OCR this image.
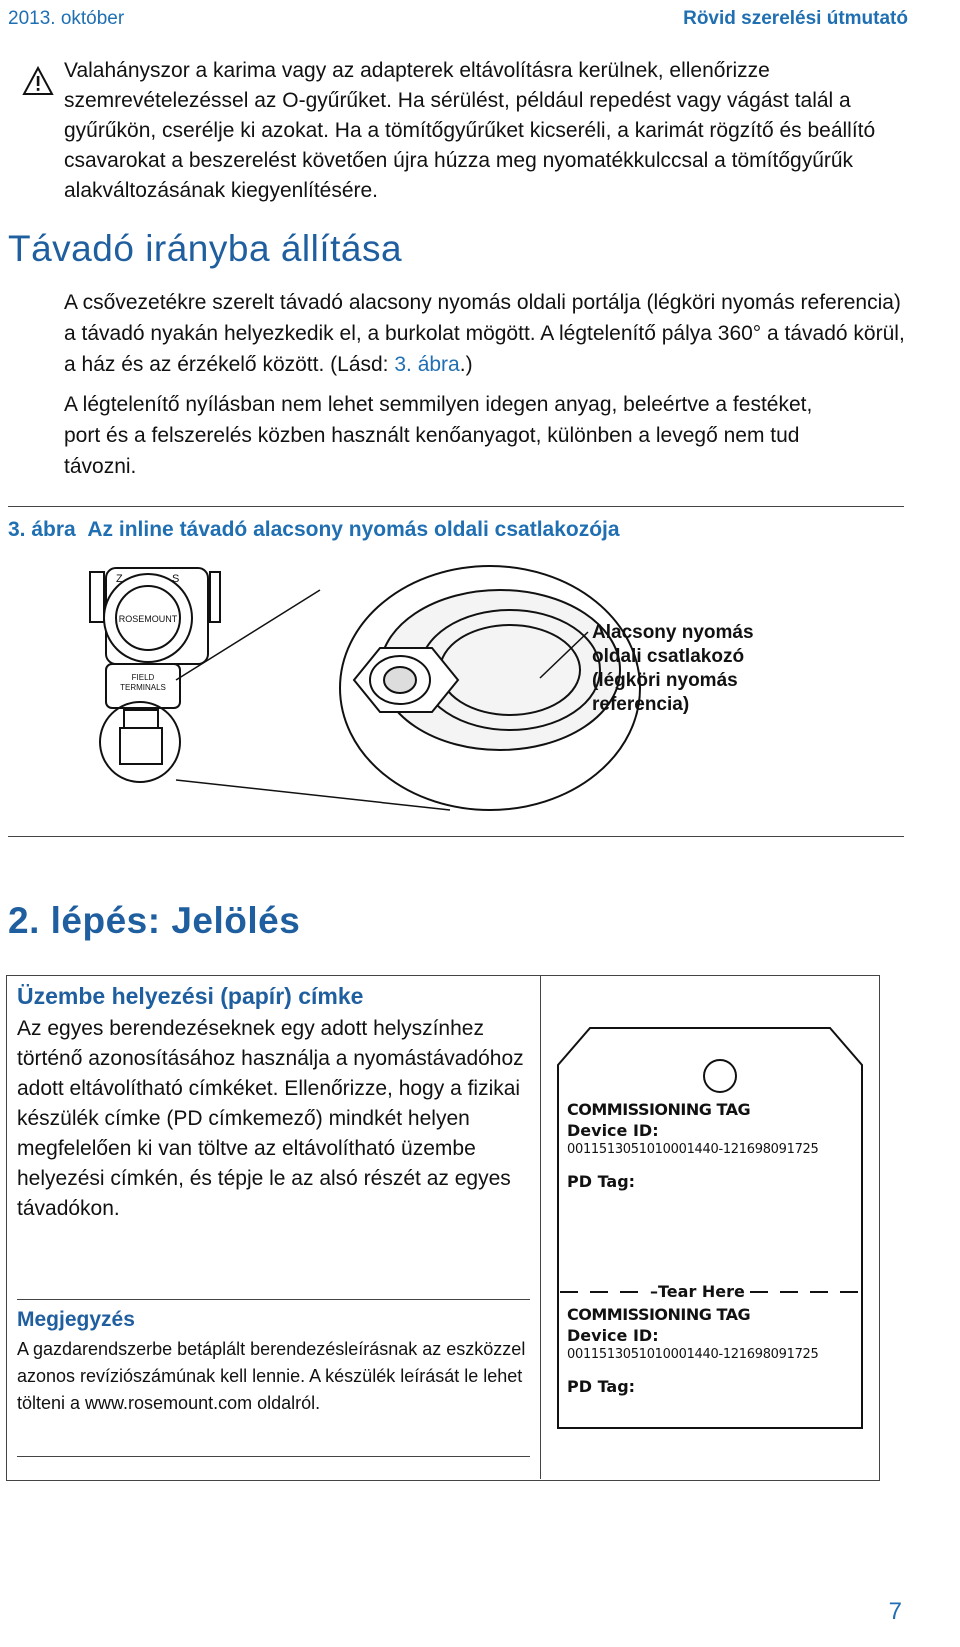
2013. október	Rövid szerelési útmutató
Valahányszor a karima vagy az adapterek eltávolításra kerülnek, ellenőrizze szemrevételezéssel az O-gyűrűket. Ha sérülést, például repedést vagy vágást talál a gyűrűkön, cserélje ki azokat. Ha a tömítőgyűrűket kicseréli, a karimát rögzítő és beállító csavarokat a beszerelést követően újra húzza meg nyomatékkulccsal a tömítőgyűrűk alakváltozásának kiegyenlítésére.
Távadó irányba állítása
A csővezetékre szerelt távadó alacsony nyomás oldali portálja (légköri nyomás referencia) a távadó nyakán helyezkedik el, a burkolat mögött. A légtelenítő pálya 360° a távadó körül, a ház és az érzékelő között. (Lásd: 3. ábra.)
A légtelenítő nyílásban nem lehet semmilyen idegen anyag, beleértve a festéket, port és a felszerelés közben használt kenőanyagot, különben a levegő nem tud távozni.
3. ábra Az inline távadó alacsony nyomás oldali csatlakozója
ROSEMOUNT
FIELD
TERMINALS
Z	S
Alacsony nyomás oldali csatlakozó (légköri nyomás referencia)
2. lépés: Jelölés
Üzembe helyezési (papír) címke
Az egyes berendezéseknek egy adott helyszínhez történő azonosításához használja a nyomástávadóhoz adott eltávolítható címkéket. Ellenőrizze, hogy a fizikai készülék címke (PD címkemező) mindkét helyen megfelelően ki van töltve az eltávolítható üzembe helyezési címkén, és tépje le az alsó részét az egyes távadókon.
Megjegyzés
A gazdarendszerbe betáplált berendezésleírásnak az eszközzel azonos revíziószámúnak kell lennie. A készülék leírását le lehet tölteni a www.rosemount.com oldalról.
COMMISSIONING TAG
Device ID:
0011513051010001440-121698091725
PD Tag:
–Tear Here
COMMISSIONING TAG
Device ID:
0011513051010001440-121698091725
PD Tag:
7
